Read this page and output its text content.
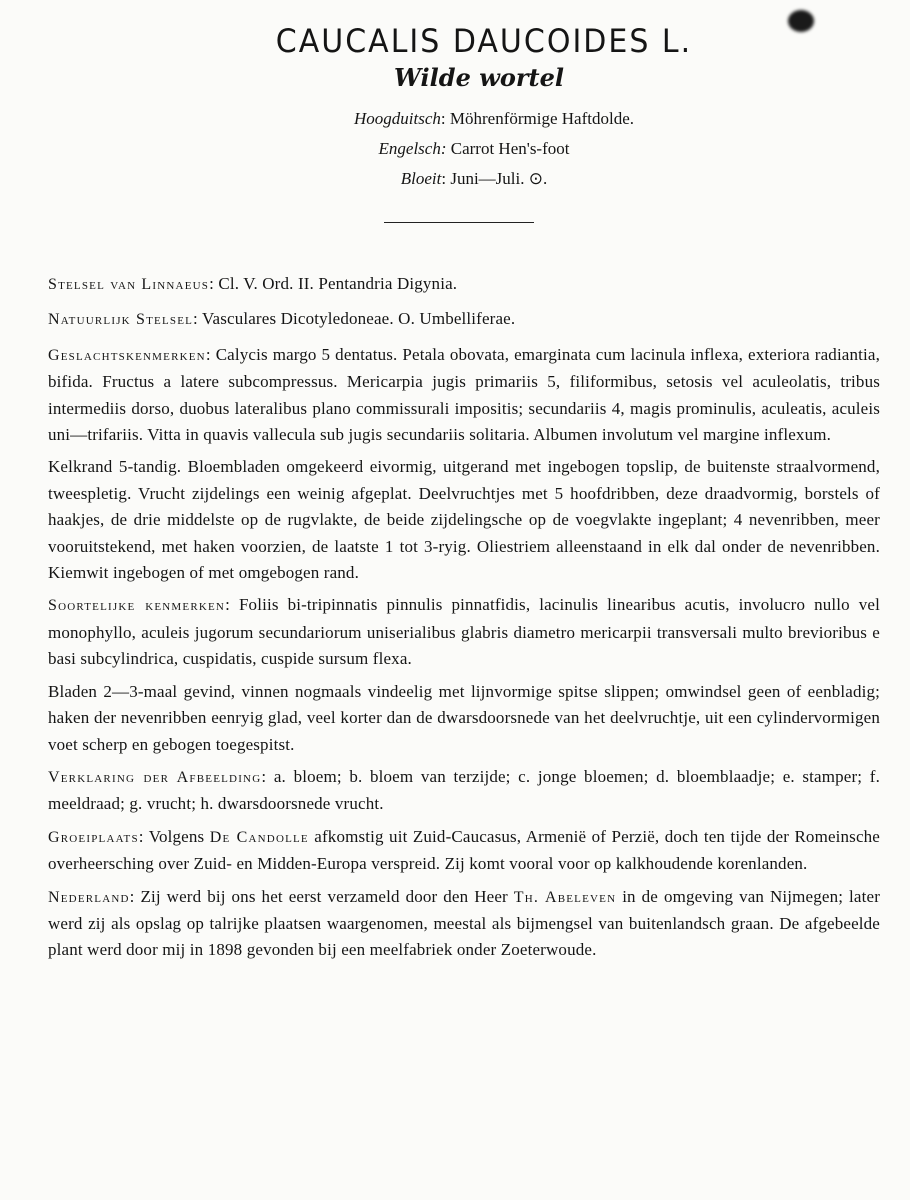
CAUCALIS DAUCOIDES L.
Wilde wortel

Hoogduitsch: Möhrenförmige Haftdolde.

Engelsch: Carrot Hen's-foot

Bloeit: Juni—Juli. ⊙.

Stelsel van Linnaeus: Cl. V. Ord. II. Pentandria Digynia.

Natuurlijk Stelsel: Vasculares Dicotyledoneae. O. Umbelliferae.

Geslachtskenmerken: Calycis margo 5 dentatus. Petala obovata, emarginata cum lacinula inflexa, exteriora radiantia, bifida. Fructus a latere subcompressus. Mericarpia jugis primariis 5, filiformibus, setosis vel aculeolatis, tribus intermediis dorso, duobus lateralibus plano commissurali impositis; secundariis 4, magis prominulis, aculeatis, aculeis uni—trifariis. Vitta in quavis vallecula sub jugis secundariis solitaria. Albumen involutum vel margine inflexum.

Kelkrand 5-tandig. Bloembladen omgekeerd eivormig, uitgerand met ingebogen topslip, de buitenste straalvormend, tweespletig. Vrucht zijdelings een weinig afgeplat. Deelvruchtjes met 5 hoofdribben, deze draadvormig, borstels of haakjes, de drie middelste op de rugvlakte, de beide zijdelingsche op de voegvlakte ingeplant; 4 nevenribben, meer vooruitstekend, met haken voorzien, de laatste 1 tot 3-ryig. Oliestriem alleenstaand in elk dal onder de nevenribben. Kiemwit ingebogen of met omgebogen rand.

Soortelijke kenmerken: Foliis bi-tripinnatis pinnulis pinnatfidis, lacinulis linearibus acutis, involucro nullo vel monophyllo, aculeis jugorum secundariorum uniserialibus glabris diametro mericarpii transversali multo brevioribus e basi subcylindrica, cuspidatis, cuspide sursum flexa.

Bladen 2—3-maal gevind, vinnen nogmaals vindeelig met lijnvormige spitse slippen; omwindsel geen of eenbladig; haken der nevenribben eenryig glad, veel korter dan de dwarsdoorsnede van het deelvruchtje, uit een cylindervormigen voet scherp en gebogen toegespitst.

Verklaring der Afbeelding: a. bloem; b. bloem van terzijde; c. jonge bloemen; d. bloemblaadje; e. stamper; f. meeldraad; g. vrucht; h. dwarsdoorsnede vrucht.

Groeiplaats: Volgens De Candolle afkomstig uit Zuid-Caucasus, Armenië of Perzië, doch ten tijde der Romeinsche overheersching over Zuid- en Midden-Europa verspreid. Zij komt vooral voor op kalkhoudende korenlanden.

Nederland: Zij werd bij ons het eerst verzameld door den Heer Th. Abeleven in de omgeving van Nijmegen; later werd zij als opslag op talrijke plaatsen waargenomen, meestal als bijmengsel van buitenlandsch graan. De afgebeelde plant werd door mij in 1898 gevonden bij een meelfabriek onder Zoeterwoude.
